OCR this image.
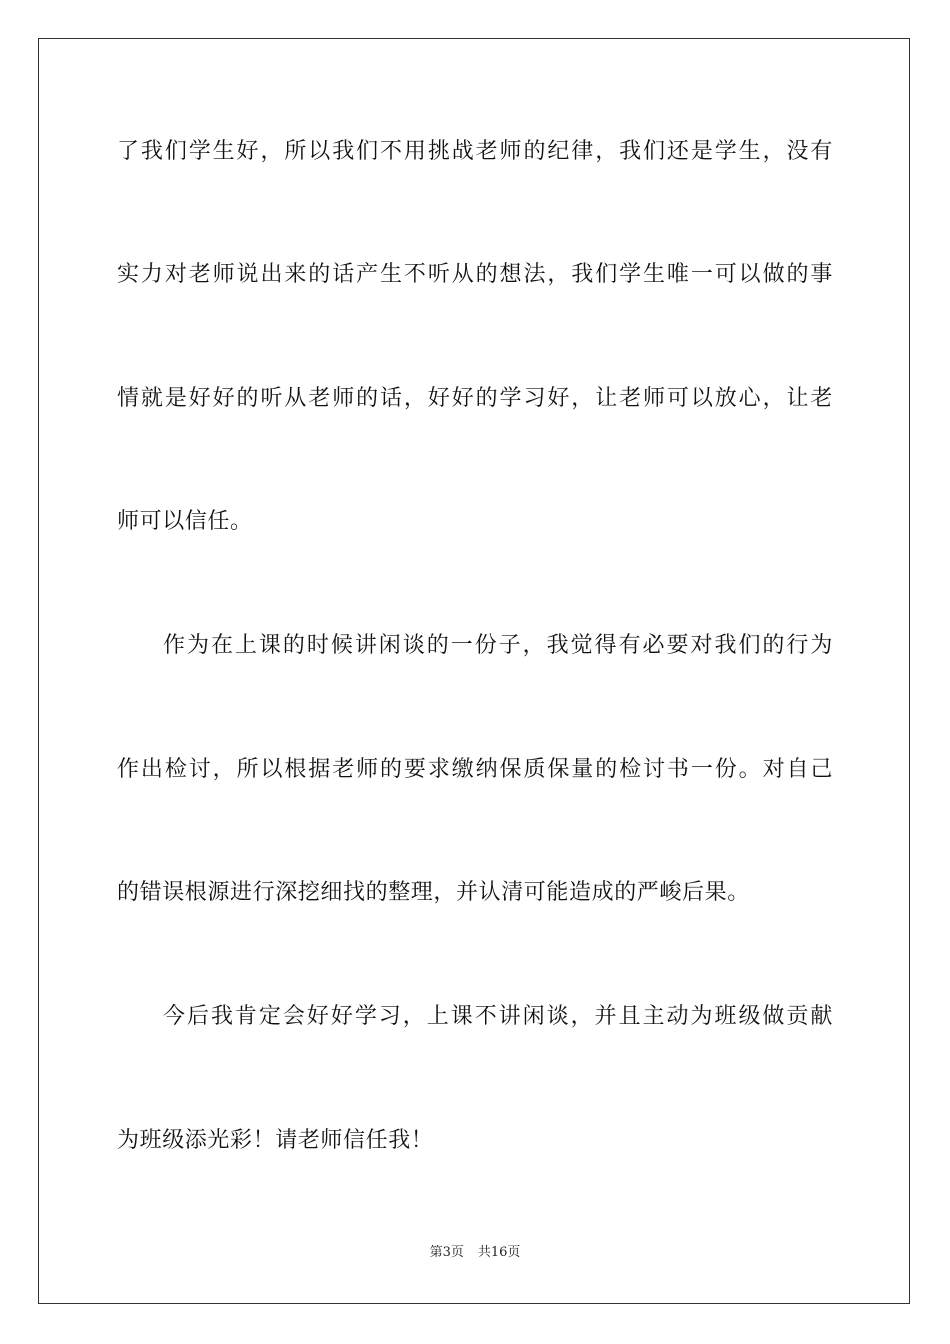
了我们学生好，所以我们不用挑战老师的纪律，我们还是学生，没有
实力对老师说出来的话产生不听从的想法，我们学生唯一可以做的事
情就是好好的听从老师的话，好好的学习好，让老师可以放心，让老
师可以信任。
作为在上课的时候讲闲谈的一份子，我觉得有必要对我们的行为
作出检讨，所以根据老师的要求缴纳保质保量的检讨书一份。对自己
的错误根源进行深挖细找的整理，并认清可能造成的严峻后果。
今后我肯定会好好学习，上课不讲闲谈，并且主动为班级做贡献
为班级添光彩！请老师信任我！
第3页 共16页
